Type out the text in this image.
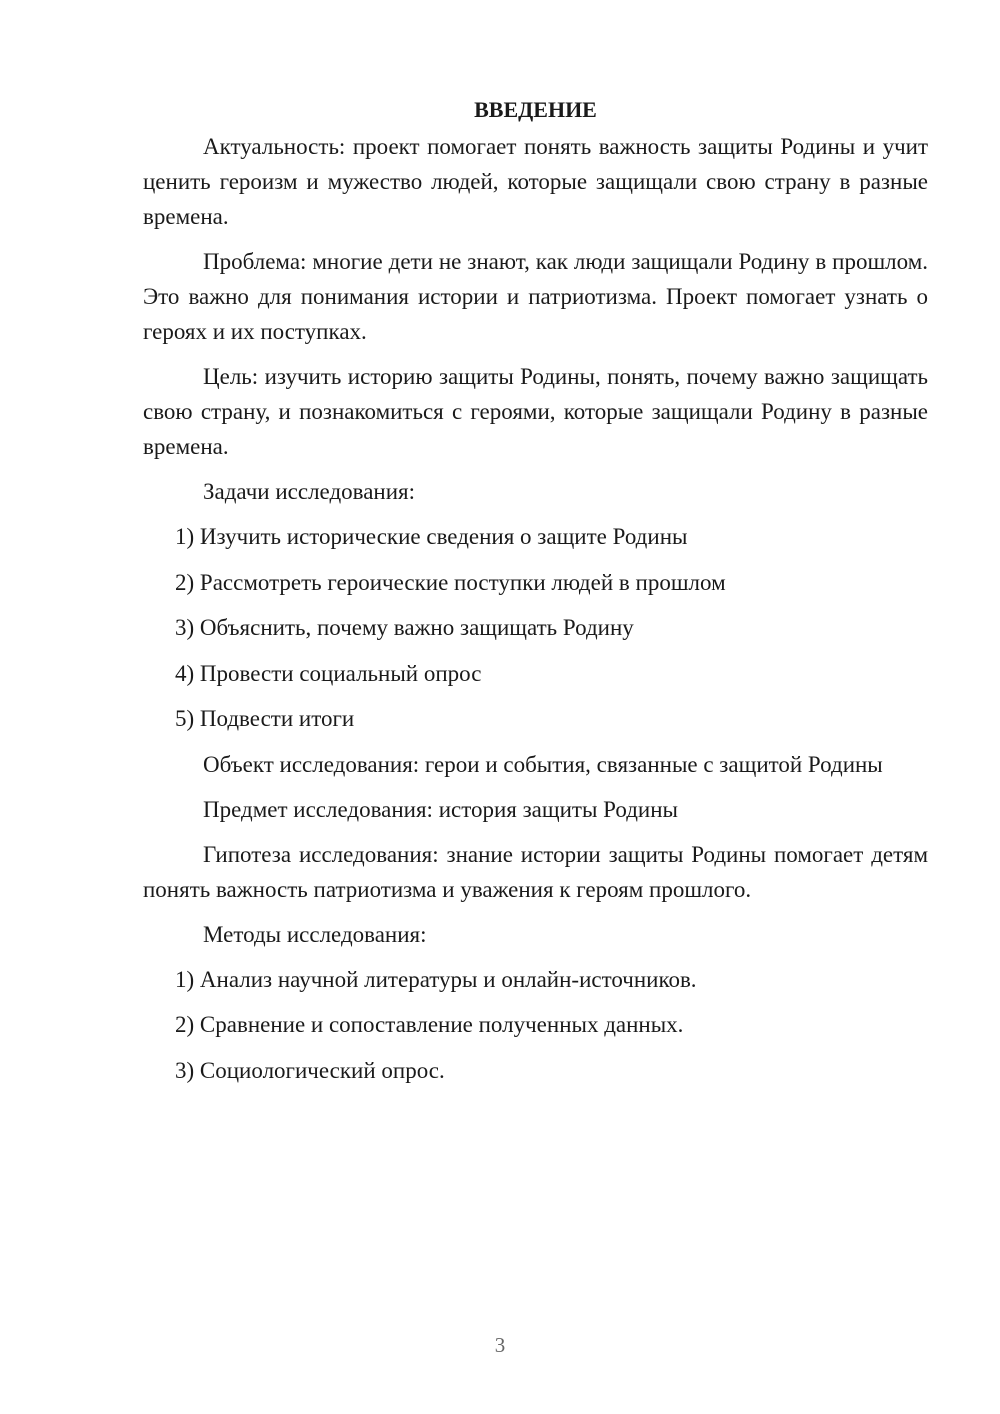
ВВЕДЕНИЕ

Актуальность: проект помогает понять важность защиты Родины и учит ценить героизм и мужество людей, которые защищали свою страну в разные времена.

Проблема: многие дети не знают, как люди защищали Родину в прошлом. Это важно для понимания истории и патриотизма. Проект помогает узнать о героях и их поступках.

Цель: изучить историю защиты Родины, понять, почему важно защищать свою страну, и познакомиться с героями, которые защищали Родину в разные времена.

Задачи исследования:
1) Изучить исторические сведения о защите Родины
2) Рассмотреть героические поступки людей в прошлом
3) Объяснить, почему важно защищать Родину
4) Провести социальный опрос
5) Подвести итоги

Объект исследования: герои и события, связанные с защитой Родины

Предмет исследования: история защиты Родины

Гипотеза исследования: знание истории защиты Родины помогает детям понять важность патриотизма и уважения к героям прошлого.

Методы исследования:
1) Анализ научной литературы и онлайн-источников.
2) Сравнение и сопоставление полученных данных.
3) Социологический опрос.
3
